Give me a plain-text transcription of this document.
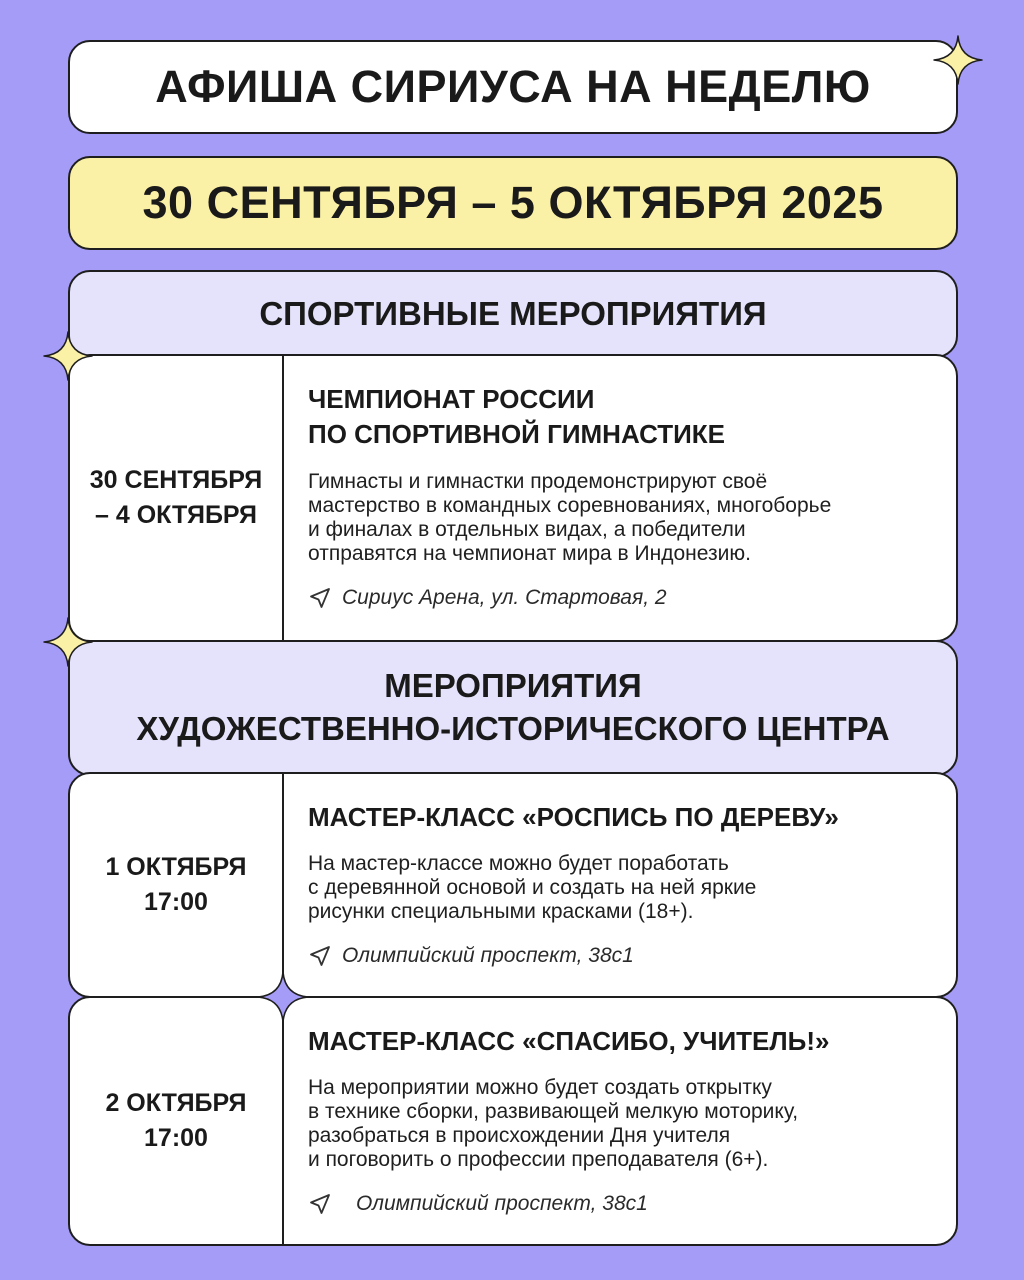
АФИША СИРИУСА НА НЕДЕЛЮ
30 СЕНТЯБРЯ – 5 ОКТЯБРЯ 2025
СПОРТИВНЫЕ МЕРОПРИЯТИЯ
30 СЕНТЯБРЯ
– 4 ОКТЯБРЯ
ЧЕМПИОНАТ РОССИИ
ПО СПОРТИВНОЙ ГИМНАСТИКЕ
Гимнасты и гимнастки продемонстрируют своё
мастерство в командных соревнованиях, многоборье
и финалах в отдельных видах, а победители
отправятся на чемпионат мира в Индонезию.
Сириус Арена, ул. Стартовая, 2
МЕРОПРИЯТИЯ
ХУДОЖЕСТВЕННО-ИСТОРИЧЕСКОГО ЦЕНТРА
1 ОКТЯБРЯ
17:00
МАСТЕР-КЛАСС «РОСПИСЬ ПО ДЕРЕВУ»
На мастер-классе можно будет поработать
с деревянной основой и создать на ней яркие
рисунки специальными красками (18+).
Олимпийский проспект, 38с1
2 ОКТЯБРЯ
17:00
МАСТЕР-КЛАСС «СПАСИБО, УЧИТЕЛЬ!»
На мероприятии можно будет создать открытку
в технике сборки, развивающей мелкую моторику,
разобраться в происхождении Дня учителя
и поговорить о профессии преподавателя (6+).
Олимпийский проспект, 38с1
